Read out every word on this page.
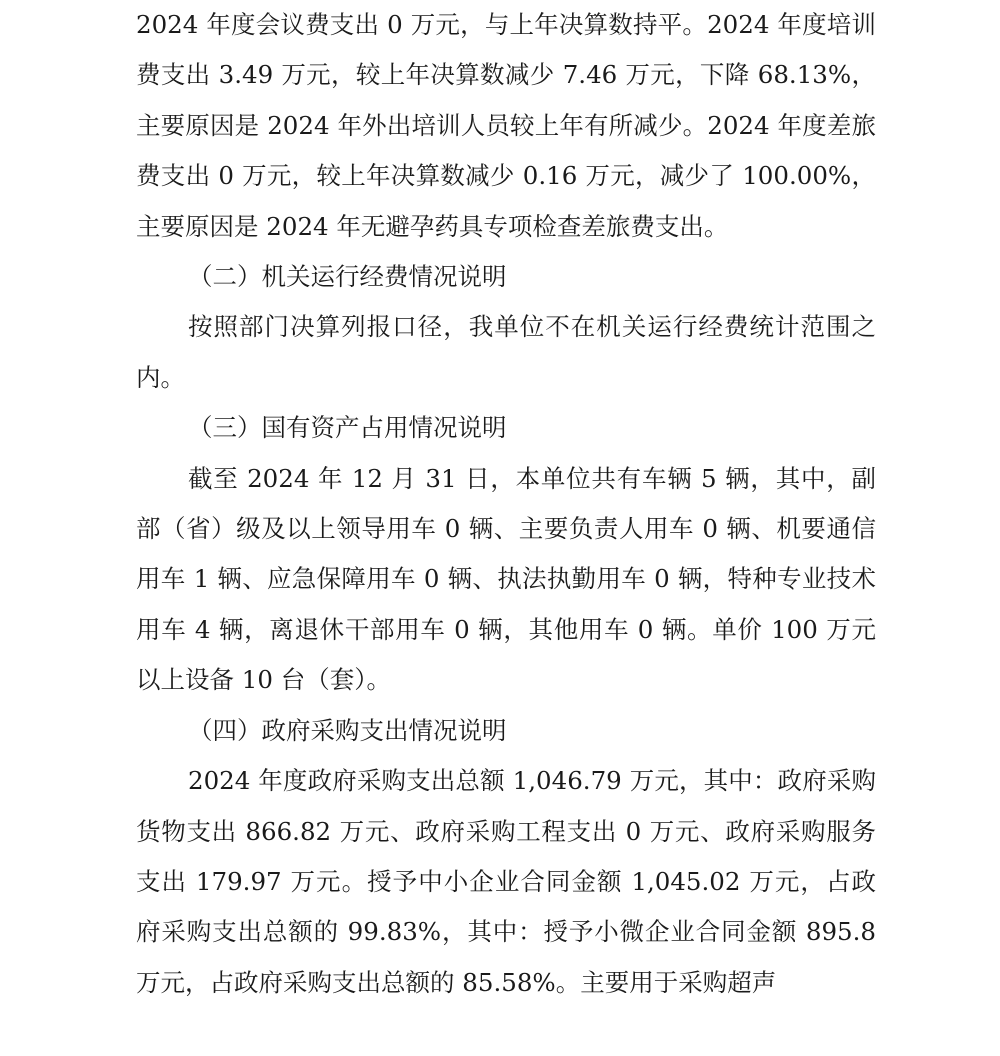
2024 年度会议费支出 0 万元，与上年决算数持平。2024 年度培训费支出 3.49 万元，较上年决算数减少 7.46 万元，下降 68.13%，主要原因是 2024 年外出培训人员较上年有所减少。2024 年度差旅费支出 0 万元，较上年决算数减少 0.16 万元，减少了 100.00%，主要原因是 2024 年无避孕药具专项检查差旅费支出。

（二）机关运行经费情况说明

按照部门决算列报口径，我单位不在机关运行经费统计范围之内。

（三）国有资产占用情况说明

截至 2024 年 12 月 31 日，本单位共有车辆 5 辆，其中，副部（省）级及以上领导用车 0 辆、主要负责人用车 0 辆、机要通信用车 1 辆、应急保障用车 0 辆、执法执勤用车 0 辆，特种专业技术用车 4 辆，离退休干部用车 0 辆，其他用车 0 辆。单价 100 万元以上设备 10 台（套）。

（四）政府采购支出情况说明

2024 年度政府采购支出总额 1,046.79 万元，其中：政府采购货物支出 866.82 万元、政府采购工程支出 0 万元、政府采购服务支出 179.97 万元。授予中小企业合同金额 1,045.02 万元，占政府采购支出总额的 99.83%，其中：授予小微企业合同金额 895.8 万元，占政府采购支出总额的 85.58%。主要用于采购超声
